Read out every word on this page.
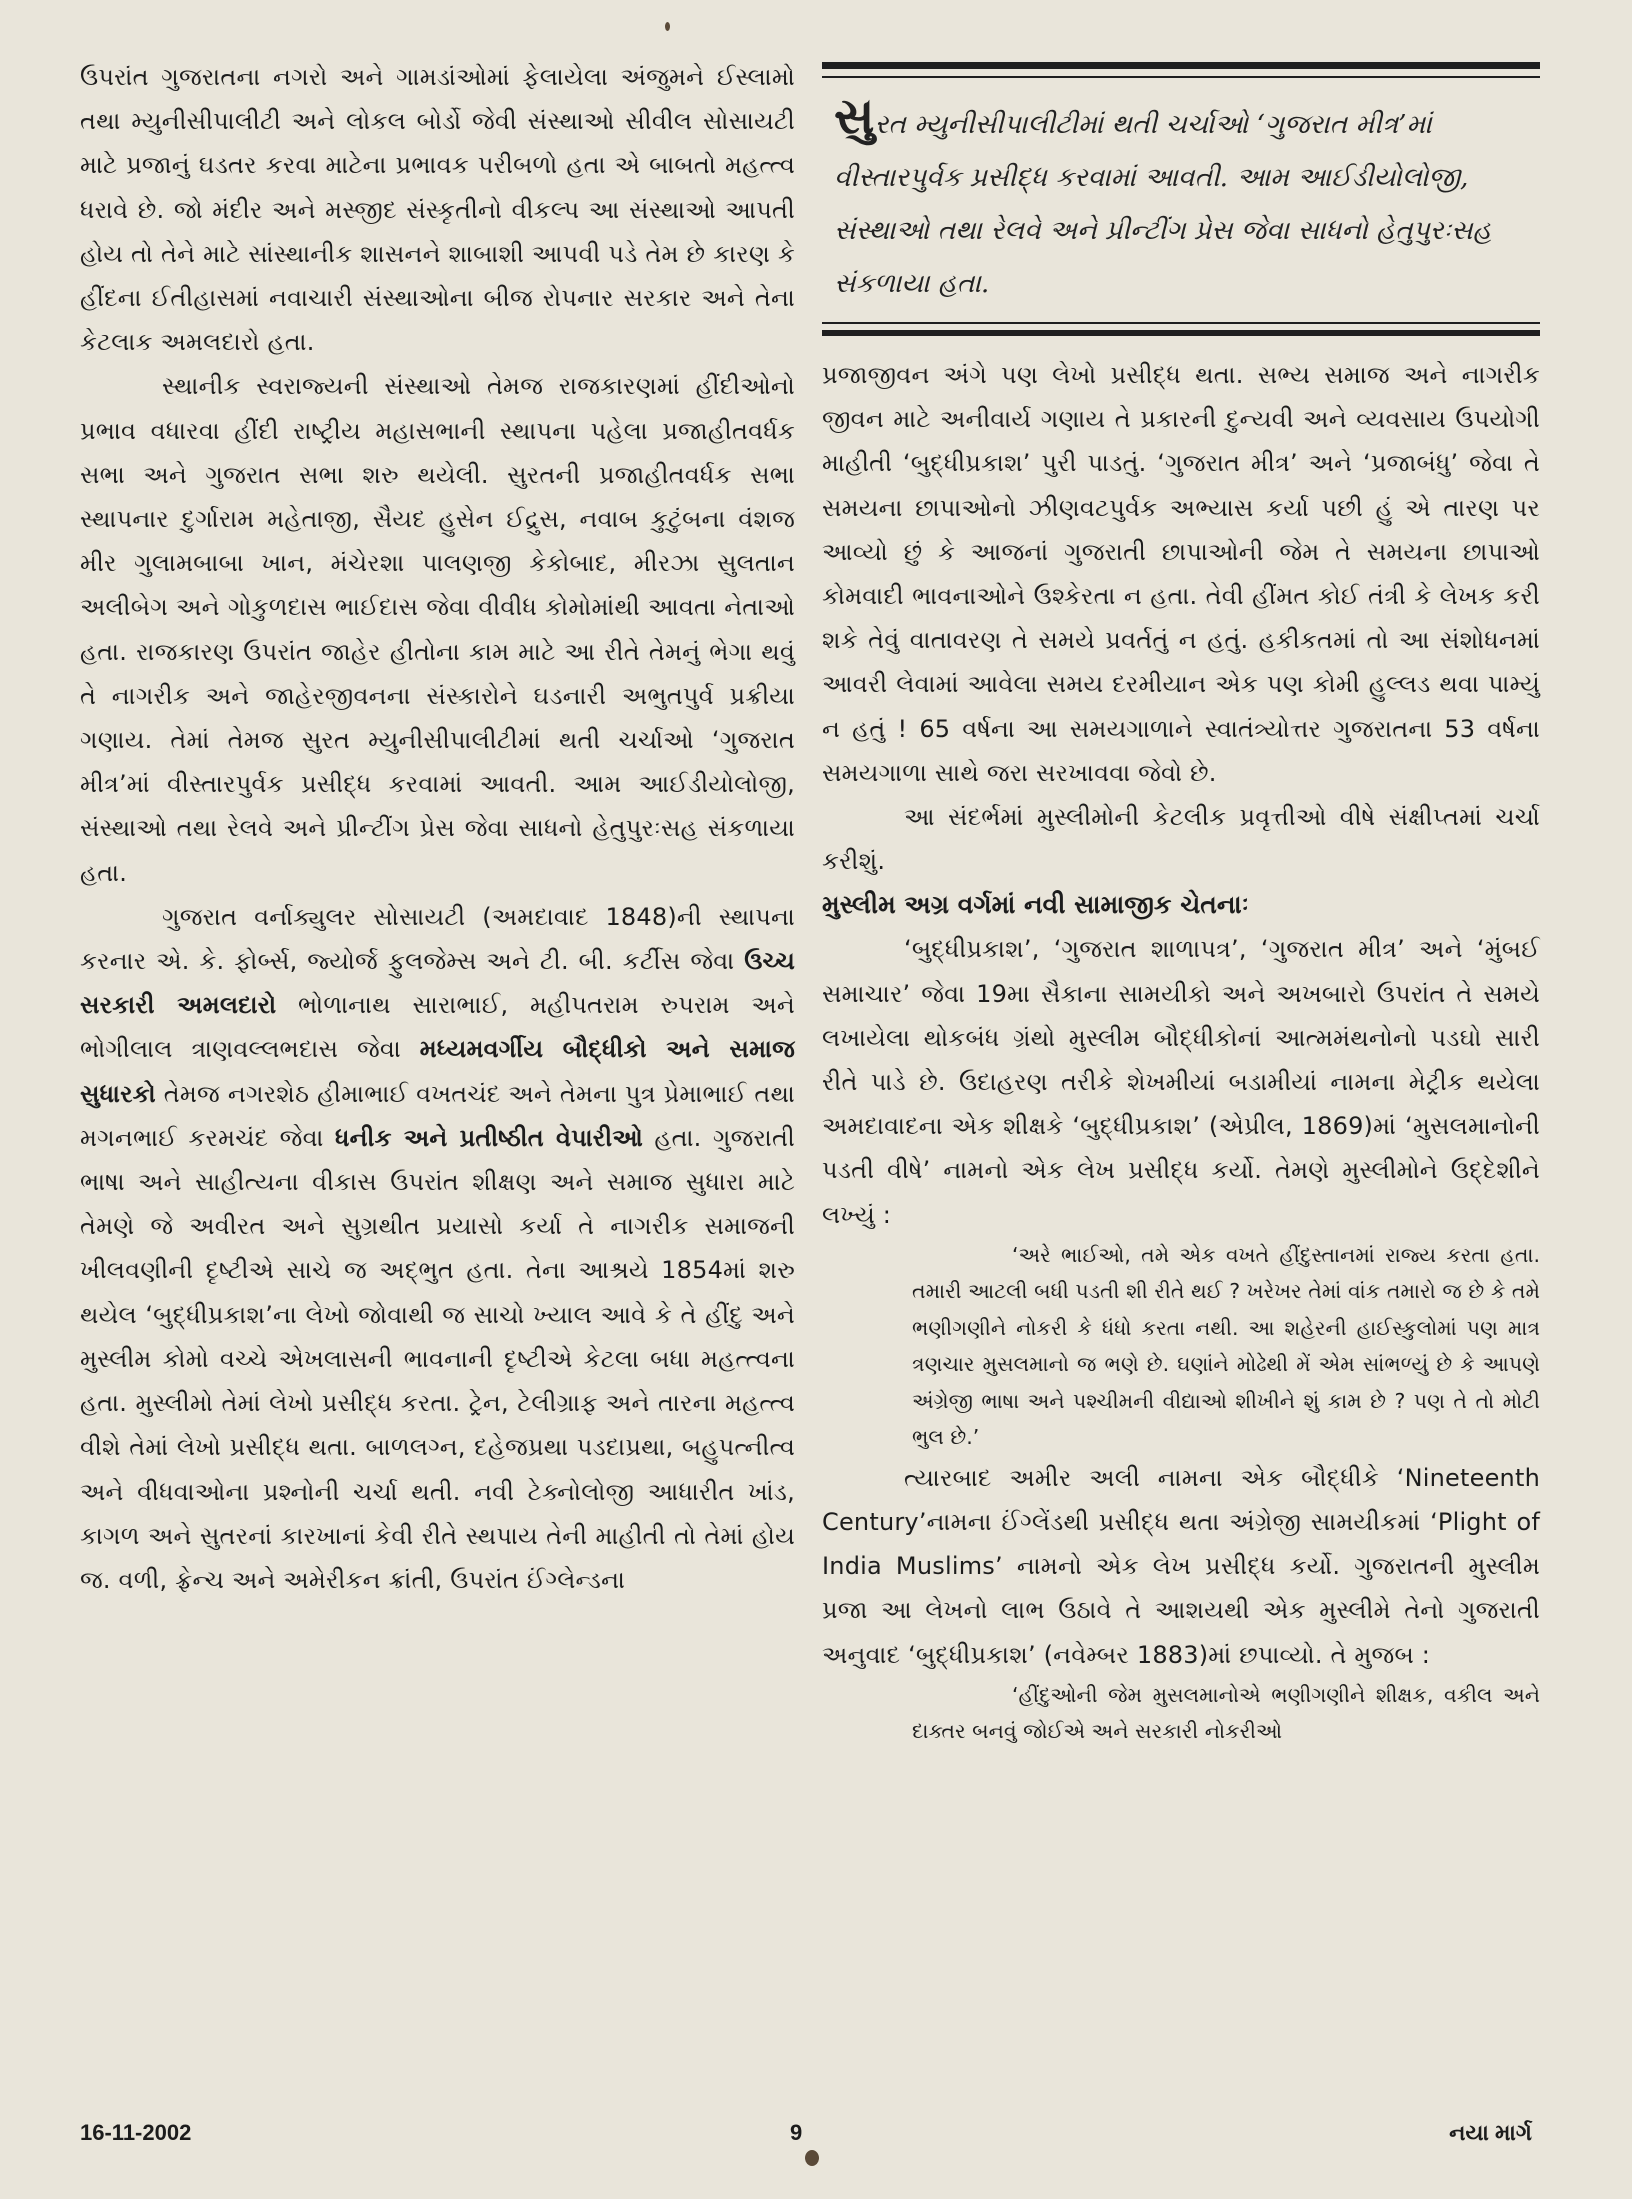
ઉપરાંત ગુજરાતના નગરો અને ગામડાંઓમાં ફેલાયેલા અંજુમને ઈસ્લામો તથા મ્યુનીસીપાલીટી અને લોકલ બોર્ડો જેવી સંસ્થાઓ સીવીલ સોસાયટી માટે પ્રજાનું ઘડતર કરવા માટેના પ્રભાવક પરીબળો હતા એ બાબતો મહત્ત્વ ધરાવે છે. જો મંદીર અને મસ્જીદ સંસ્કૃતીનો વીકલ્પ આ સંસ્થાઓ આપતી હોય તો તેને માટે સાંસ્થાનીક શાસનને શાબાશી આપવી પડે તેમ છે કારણ કે હીંદના ઈતીહાસમાં નવાચારી સંસ્થાઓના બીજ રોપનાર સરકાર અને તેના કેટલાક અમલદારો હતા.

સ્થાનીક સ્વરાજ્યની સંસ્થાઓ તેમજ રાજકારણમાં હીંદીઓનો પ્રભાવ વધારવા હીંદી રાષ્ટ્રીય મહાસભાની સ્થાપના પહેલા પ્રજાહીતવર્ધક સભા અને ગુજરાત સભા શરુ થયેલી. સુરતની પ્રજાહીતવર્ધક સભા સ્થાપનાર દુર્ગારામ મહેતાજી, સૈયદ હુસેન ઈદ્રુસ, નવાબ કુટુંબના વંશજ મીર ગુલામબાબા ખાન, મંચેરશા પાલણજી કેકોબાદ, મીરઝા સુલતાન અલીબેગ અને ગોકુળદાસ ભાઈદાસ જેવા વીવીધ કોમોમાંથી આવતા નેતાઓ હતા. રાજકારણ ઉપરાંત જાહેર હીતોના કામ માટે આ રીતે તેમનું ભેગા થવું તે નાગરીક અને જાહેરજીવનના સંસ્કારોને ઘડનારી અભુતપુર્વ પ્રક્રીયા ગણાય. તેમાં તેમજ સુરત મ્યુનીસીપાલીટીમાં થતી ચર્ચાઓ ‘ગુજરાત મીત્ર’માં વીસ્તારપુર્વક પ્રસીદ્ધ કરવામાં આવતી. આમ આઈડીયોલોજી, સંસ્થાઓ તથા રેલવે અને પ્રીન્ટીંગ પ્રેસ જેવા સાધનો હેતુપુરઃસહ સંકળાયા હતા.

ગુજરાત વર્નાક્યુલર સોસાયટી (અમદાવાદ 1848)ની સ્થાપના કરનાર એ. કે. ફોર્બ્સ, જ્યોર્જ ફુલજેમ્સ અને ટી. બી. કર્ટીસ જેવા ઉચ્ચ સરકારી અમલદારો ભોળાનાથ સારાભાઈ, મહીપતરામ રુપરામ અને ભોગીલાલ ત્રાણવલ્લભદાસ જેવા મધ્યમવર્ગીય બૌદ્ધીકો અને સમાજ સુધારકો તેમજ નગરશેઠ હીમાભાઈ વખતચંદ અને તેમના પુત્ર પ્રેમાભાઈ તથા મગનભાઈ કરમચંદ જેવા ધનીક અને પ્રતીષ્ઠીત વેપારીઓ હતા. ગુજરાતી ભાષા અને સાહીત્યના વીકાસ ઉપરાંત શીક્ષણ અને સમાજ સુધારા માટે તેમણે જે અવીરત અને સુગ્રથીત પ્રયાસો કર્યા તે નાગરીક સમાજની ખીલવણીની દૃષ્ટીએ સાચે જ અદ્ભુત હતા. તેના આશ્રયે 1854માં શરુ થયેલ ‘બુદ્ધીપ્રકાશ’ના લેખો જોવાથી જ સાચો ખ્યાલ આવે કે તે હીંદુ અને મુસ્લીમ કોમો વચ્ચે એખલાસની ભાવનાની દૃષ્ટીએ કેટલા બધા મહત્ત્વના હતા. મુસ્લીમો તેમાં લેખો પ્રસીદ્ધ કરતા. ટ્રેન, ટેલીગ્રાફ અને તારના મહત્ત્વ વીશે તેમાં લેખો પ્રસીદ્ધ થતા. બાળલગ્ન, દહેજપ્રથા પડદાપ્રથા, બહુપત્નીત્વ અને વીધવાઓના પ્રશ્નોની ચર્ચા થતી. નવી ટેક્નોલોજી આધારીત ખાંડ, કાગળ અને સુતરનાં કારખાનાં કેવી રીતે સ્થપાય તેની માહીતી તો તેમાં હોય જ. વળી, ફ્રેન્ચ અને અમેરીકન ક્રાંતી, ઉપરાંત ઈંગ્લેન્ડના

સુરત મ્યુનીસીપાલીટીમાં થતી ચર્ચાઓ ‘ગુજરાત મીત્ર’માં વીસ્તારપુર્વક પ્રસીદ્ધ કરવામાં આવતી. આમ આઈડીયોલોજી, સંસ્થાઓ તથા રેલવે અને પ્રીન્ટીંગ પ્રેસ જેવા સાધનો હેતુપુરઃસહ સંકળાયા હતા.

પ્રજાજીવન અંગે પણ લેખો પ્રસીદ્ધ થતા. સભ્ય સમાજ અને નાગરીક જીવન માટે અનીવાર્ય ગણાય તે પ્રકારની દુન્યવી અને વ્યવસાય ઉપયોગી માહીતી ‘બુદ્ધીપ્રકાશ’ પુરી પાડતું. ‘ગુજરાત મીત્ર’ અને ‘પ્રજાબંધુ’ જેવા તે સમયના છાપાઓનો ઝીણવટપુર્વક અભ્યાસ કર્યા પછી હું એ તારણ પર આવ્યો છું કે આજનાં ગુજરાતી છાપાઓની જેમ તે સમયના છાપાઓ કોમવાદી ભાવનાઓને ઉશ્કેરતા ન હતા. તેવી હીંમત કોઈ તંત્રી કે લેખક કરી શકે તેવું વાતાવરણ તે સમયે પ્રવર્તતું ન હતું. હકીકતમાં તો આ સંશોધનમાં આવરી લેવામાં આવેલા સમય દરમીયાન એક પણ કોમી હુલ્લડ થવા પામ્યું ન હતું ! 65 વર્ષના આ સમયગાળાને સ્વાતંત્ર્યોત્તર ગુજરાતના 53 વર્ષના સમયગાળા સાથે જરા સરખાવવા જેવો છે.

આ સંદર્ભમાં મુસ્લીમોની કેટલીક પ્રવૃત્તીઓ વીષે સંક્ષીપ્તમાં ચર્ચા કરીશું.

મુસ્લીમ અગ્ર વર્ગમાં નવી સામાજીક ચેતનાઃ

‘બુદ્ધીપ્રકાશ’, ‘ગુજરાત શાળાપત્ર’, ‘ગુજરાત મીત્ર’ અને ‘મુંબઈ સમાચાર’ જેવા 19મા સૈકાના સામયીકો અને અખબારો ઉપરાંત તે સમયે લખાયેલા થોકબંધ ગ્રંથો મુસ્લીમ બૌદ્ધીકોનાં આત્મમંથનોનો પડઘો સારી રીતે પાડે છે. ઉદાહરણ તરીકે શેખમીયાં બડામીયાં નામના મેટ્રીક થયેલા અમદાવાદના એક શીક્ષકે ‘બુદ્ધીપ્રકાશ’ (એપ્રીલ, 1869)માં ‘મુસલમાનોની પડતી વીષે’ નામનો એક લેખ પ્રસીદ્ધ કર્યો. તેમણે મુસ્લીમોને ઉદ્દેશીને લખ્યું :

‘અરે ભાઈઓ, તમે એક વખતે હીંદુસ્તાનમાં રાજ્ય કરતા હતા. તમારી આટલી બધી પડતી શી રીતે થઈ ? ખરેખર તેમાં વાંક તમારો જ છે કે તમે ભણીગણીને નોકરી કે ધંધો કરતા નથી. આ શહેરની હાઈસ્કુલોમાં પણ માત્ર ત્રણચાર મુસલમાનો જ ભણે છે. ઘણાંને મોઢેથી મેં એમ સાંભળ્યું છે કે આપણે અંગ્રેજી ભાષા અને પશ્ચીમની વીદ્યાઓ શીખીને શું કામ છે ? પણ તે તો મોટી ભુલ છે.’

ત્યારબાદ અમીર અલી નામના એક બૌદ્ધીકે ‘Nineteenth Century’નામના ઈંગ્લેંડથી પ્રસીદ્ધ થતા અંગ્રેજી સામયીકમાં ‘Plight of India Muslims’ નામનો એક લેખ પ્રસીદ્ધ કર્યો. ગુજરાતની મુસ્લીમ પ્રજા આ લેખનો લાભ ઉઠાવે તે આશયથી એક મુસ્લીમે તેનો ગુજરાતી અનુવાદ ‘બુદ્ધીપ્રકાશ’ (નવેમ્બર 1883)માં છપાવ્યો. તે મુજબ :

‘હીંદુઓની જેમ મુસલમાનોએ ભણીગણીને શીક્ષક, વકીલ અને દાક્તર બનવું જોઈએ અને સરકારી નોકરીઓ

16-11-2002	9	નયા માર્ગ
